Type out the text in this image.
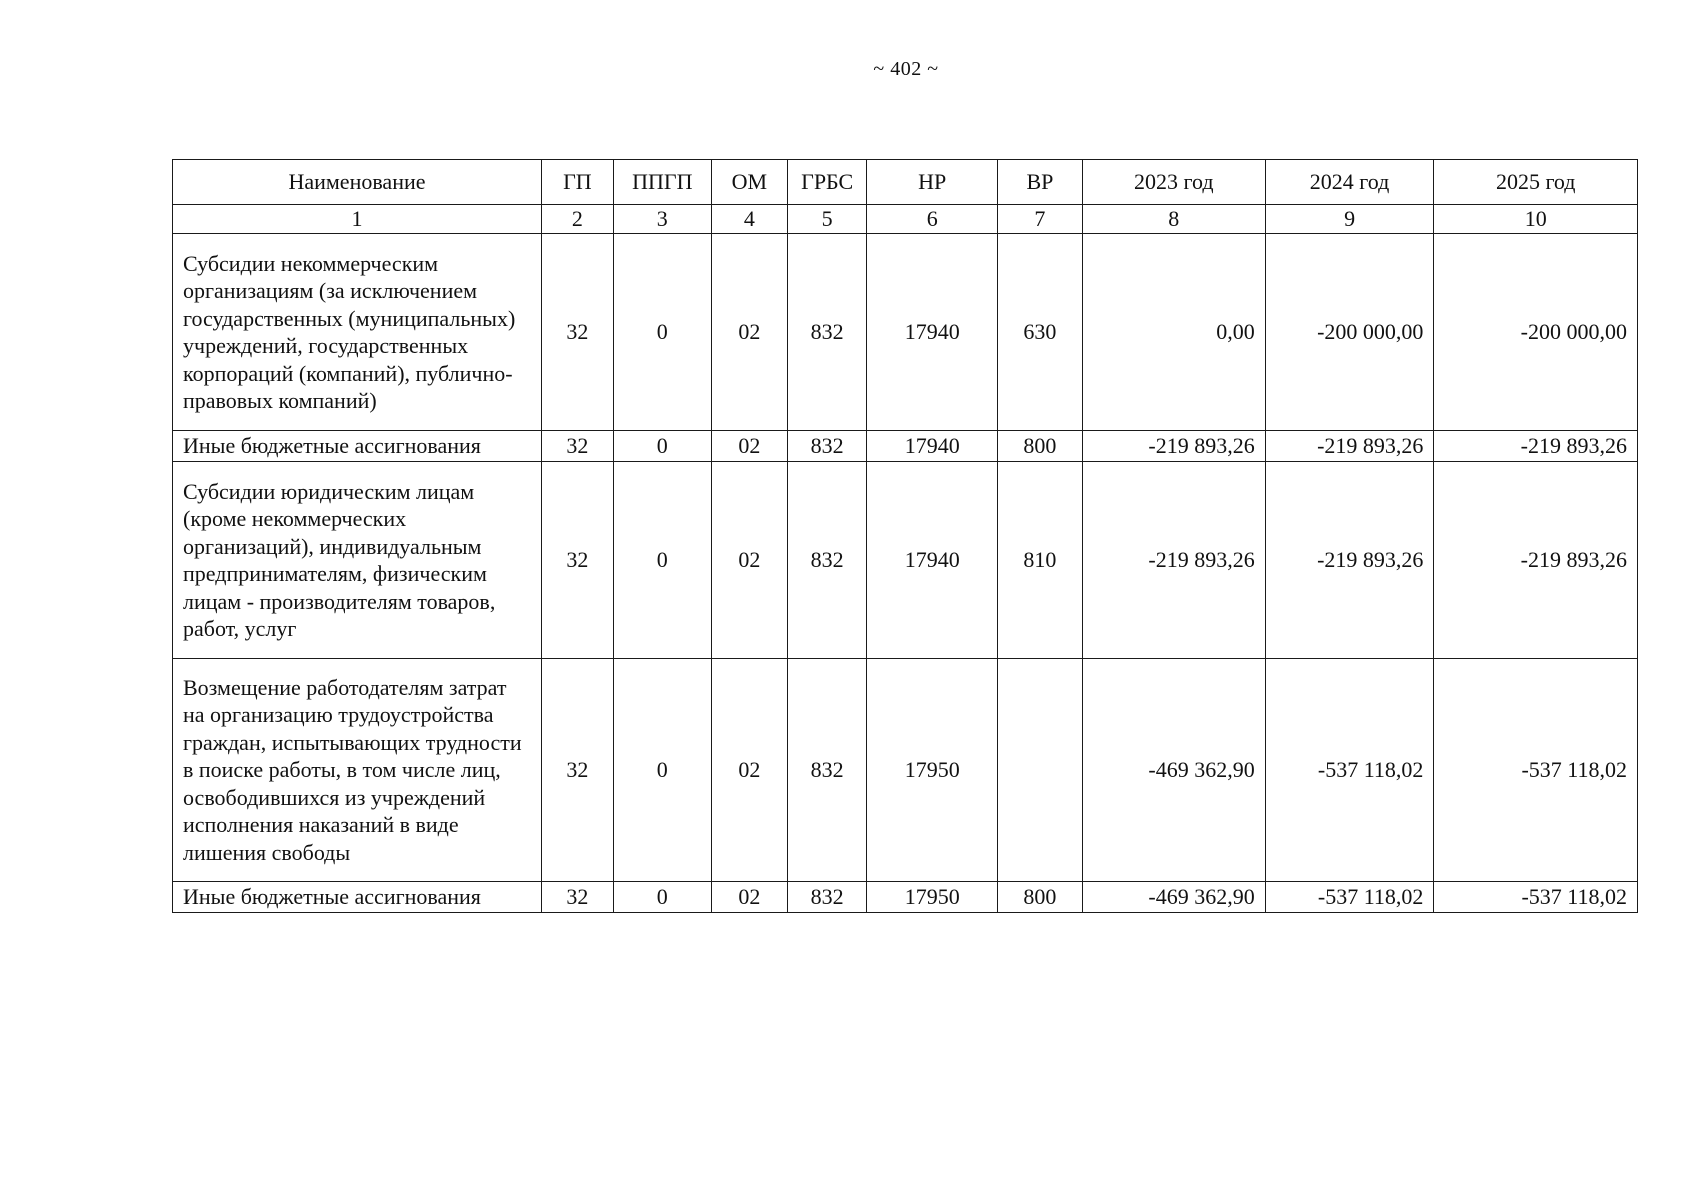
~ 402 ~
Наименование	ГП	ППГП	ОМ	ГРБС	НР	ВР	2023 год	2024 год	2025 год
1	2	3	4	5	6	7	8	9	10
Субсидии некоммерческим организациям (за исключением государственных (муниципальных) учреждений, государственных корпораций (компаний), публично-правовых компаний)	32	0	02	832	17940	630	0,00	-200 000,00	-200 000,00
Иные бюджетные ассигнования	32	0	02	832	17940	800	-219 893,26	-219 893,26	-219 893,26
Субсидии юридическим лицам (кроме некоммерческих организаций), индивидуальным предпринимателям, физическим лицам - производителям товаров, работ, услуг	32	0	02	832	17940	810	-219 893,26	-219 893,26	-219 893,26
Возмещение работодателям затрат на организацию трудоустройства граждан, испытывающих трудности в поиске работы, в том числе лиц, освободившихся из учреждений исполнения наказаний в виде лишения свободы	32	0	02	832	17950		-469 362,90	-537 118,02	-537 118,02
Иные бюджетные ассигнования	32	0	02	832	17950	800	-469 362,90	-537 118,02	-537 118,02
